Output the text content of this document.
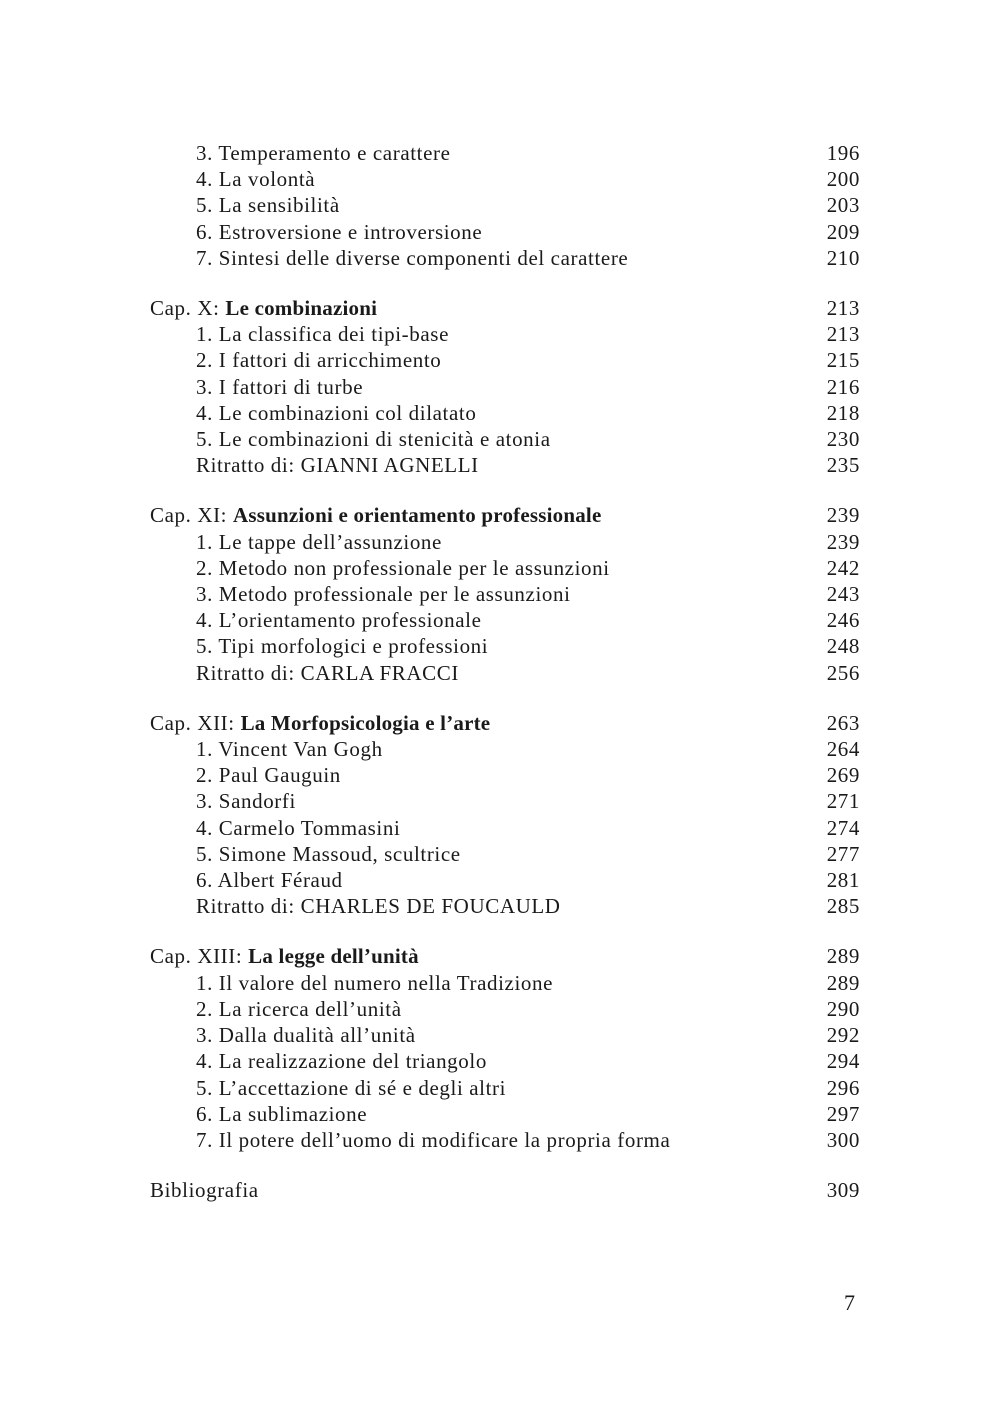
3. Temperamento e carattere	196
4. La volontà	200
5. La sensibilità	203
6. Estroversione e introversione	209
7. Sintesi delle diverse componenti del carattere	210
Cap. X: Le combinazioni	213
1. La classifica dei tipi-base	213
2. I fattori di arricchimento	215
3. I fattori di turbe	216
4. Le combinazioni col dilatato	218
5. Le combinazioni di stenicità e atonia	230
Ritratto di: GIANNI AGNELLI	235
Cap. XI: Assunzioni e orientamento professionale	239
1. Le tappe dell’assunzione	239
2. Metodo non professionale per le assunzioni	242
3. Metodo professionale per le assunzioni	243
4. L’orientamento professionale	246
5. Tipi morfologici e professioni	248
Ritratto di: CARLA FRACCI	256
Cap. XII: La Morfopsicologia e l’arte	263
1. Vincent Van Gogh	264
2. Paul Gauguin	269
3. Sandorfi	271
4. Carmelo Tommasini	274
5. Simone Massoud, scultrice	277
6. Albert Féraud	281
Ritratto di: CHARLES DE FOUCAULD	285
Cap. XIII: La legge dell’unità	289
1. Il valore del numero nella Tradizione	289
2. La ricerca dell’unità	290
3. Dalla dualità all’unità	292
4. La realizzazione del triangolo	294
5. L’accettazione di sé e degli altri	296
6. La sublimazione	297
7. Il potere dell’uomo di modificare la propria forma	300
Bibliografia	309
7
